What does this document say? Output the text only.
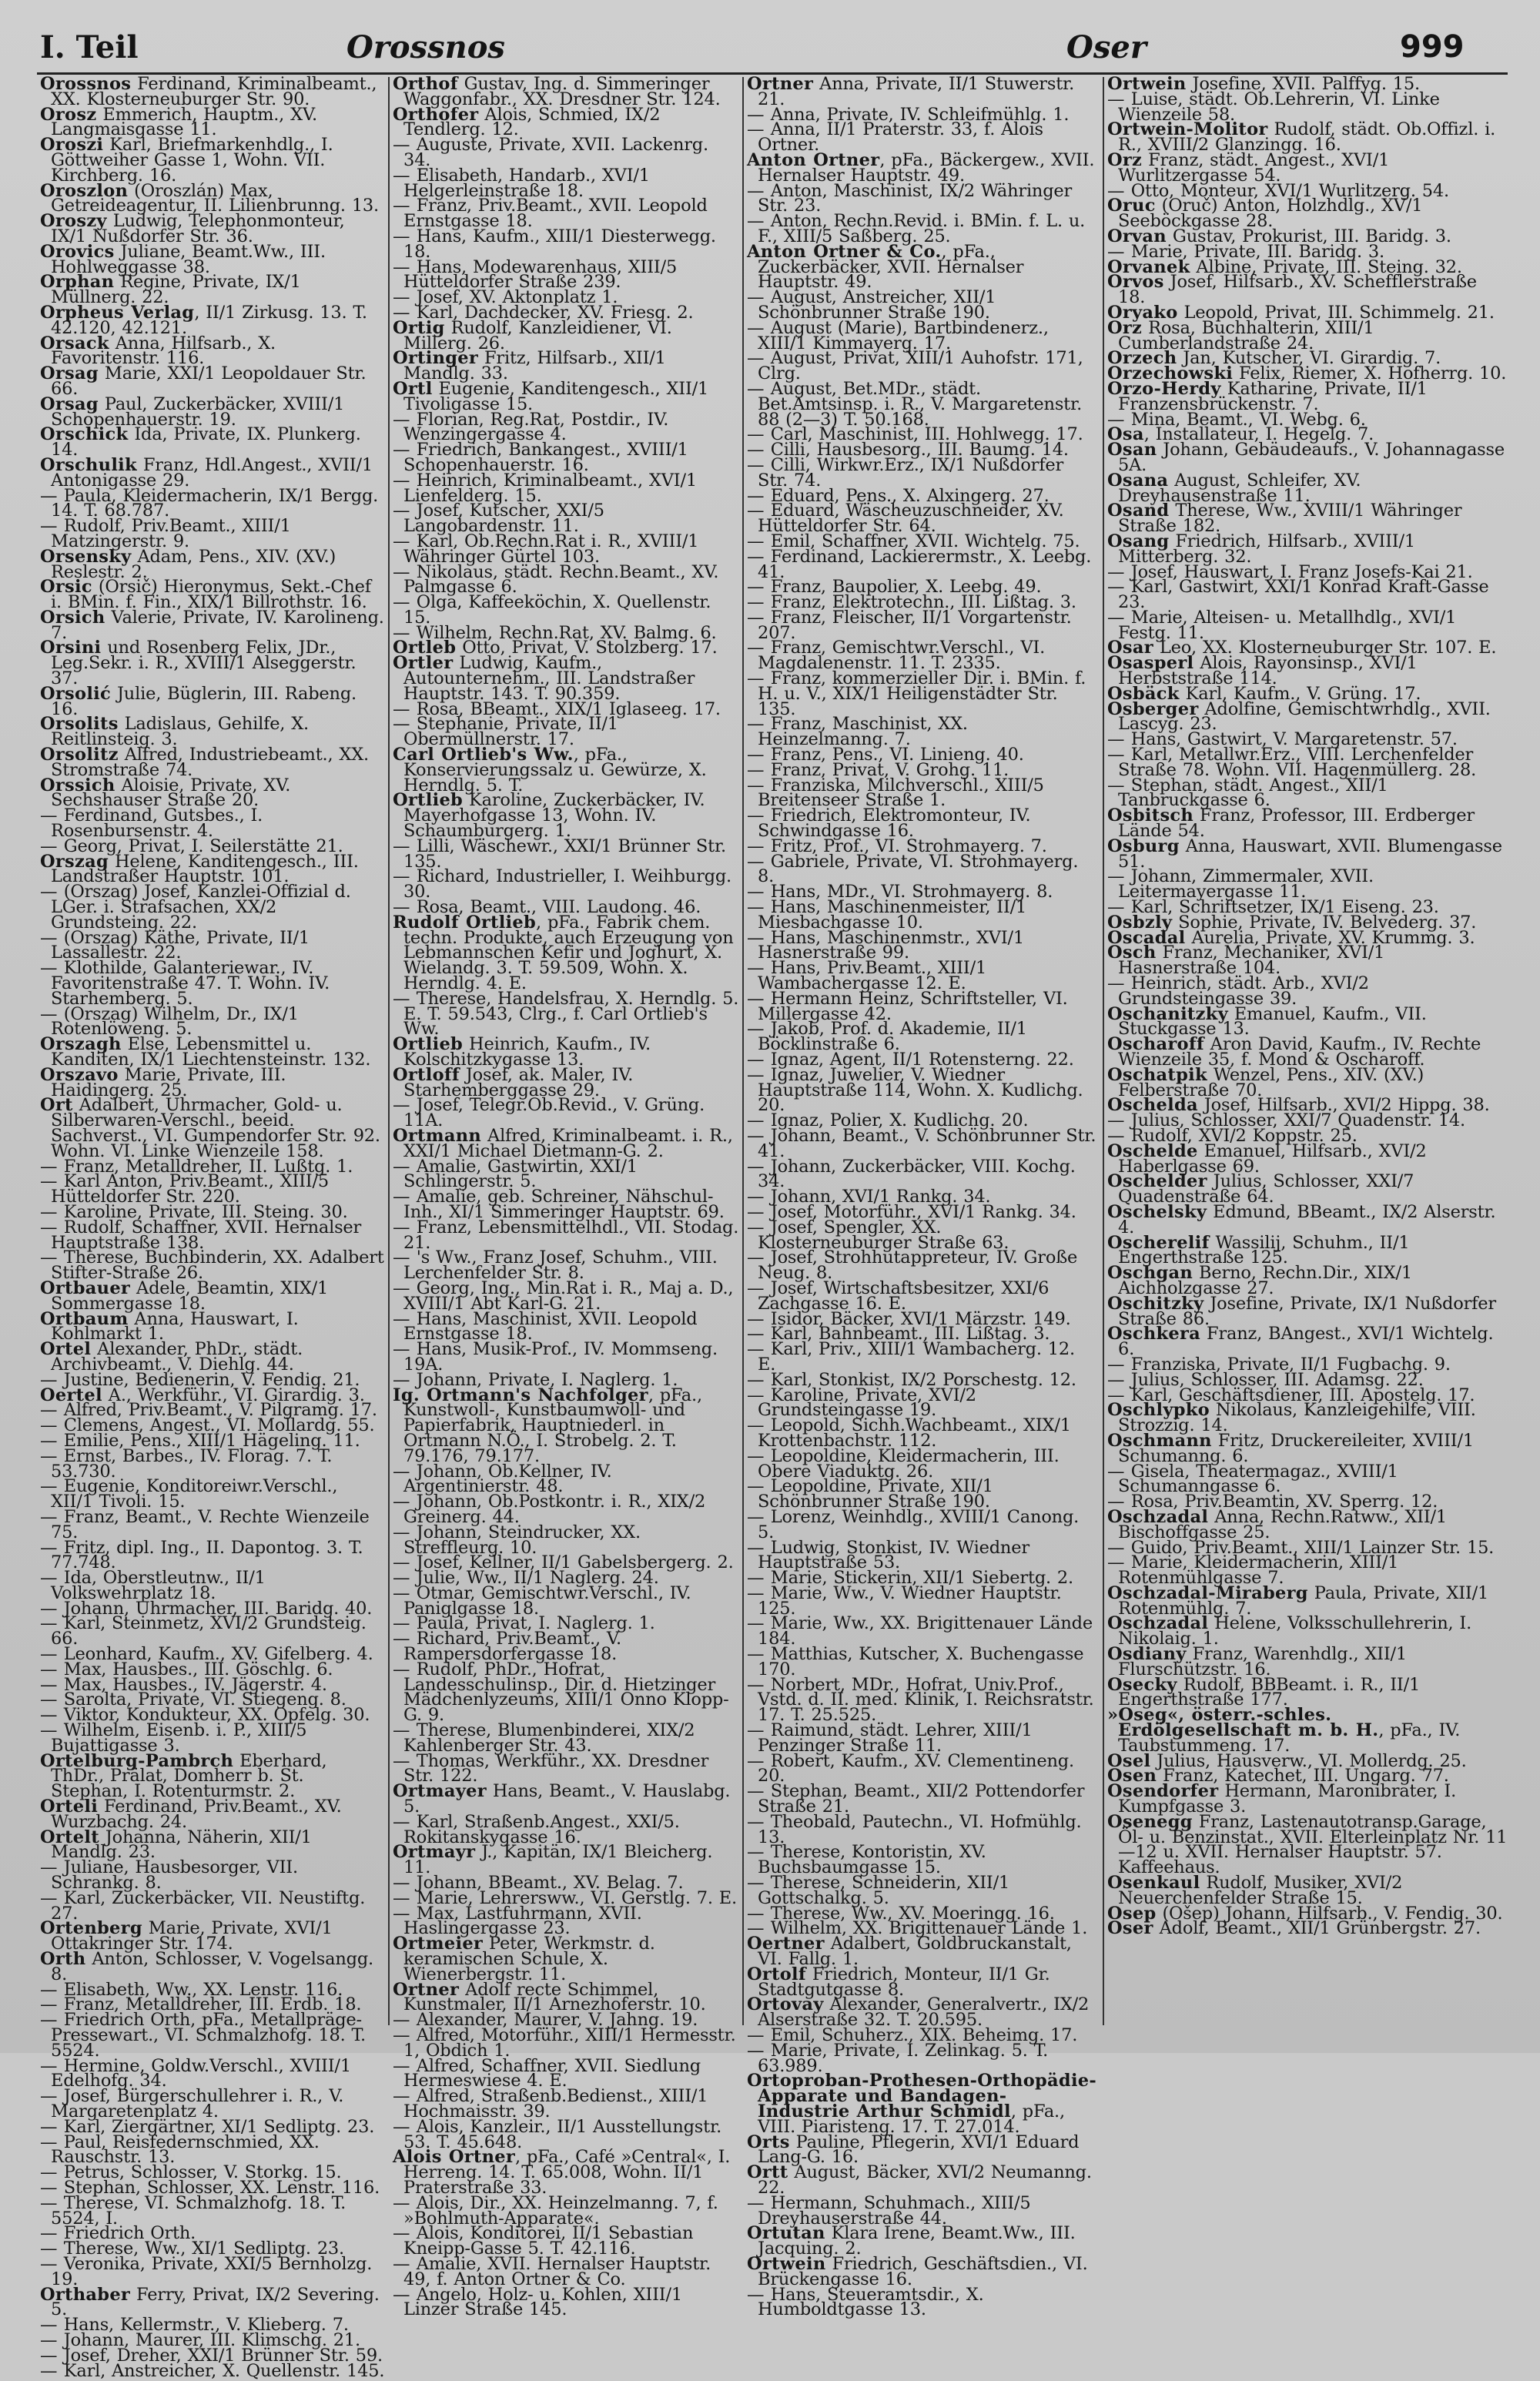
I. Teil	Orossnos	Oser	999

Orossnos Ferdinand, Kriminalbeamt., XX. Klosterneuburger Str. 90.

Orosz Emmerich, Hauptm., XV. Langmaisgasse 11.

Oroszi Karl, Briefmarkenhdlg., I. Göttweiher Gasse 1, Wohn. VII. Kirchberg. 16.

Oroszlon (Oroszlán) Max, Getreideagentur, II. Lilienbrunng. 13.

Oroszy Ludwig, Telephonmonteur, IX/1 Nußdorfer Str. 36.

Orovics Juliane, Beamt.Ww., III. Hohlweggasse 38.

Orphan Regine, Private, IX/1 Müllnerg. 22.

Orpheus Verlag, II/1 Zirkusg. 13. T. 42.120, 42.121.

Orsack Anna, Hilfsarb., X. Favoritenstr. 116.

Orsag Marie, XXI/1 Leopoldauer Str. 66.

Orsag Paul, Zuckerbäcker, XVIII/1 Schopenhauerstr. 19.

Orschick Ida, Private, IX. Plunkerg. 14.

Orschulik Franz, Hdl.Angest., XVII/1 Antonigasse 29.

— Paula, Kleidermacherin, IX/1 Bergg. 14. T. 68.787.

— Rudolf, Priv.Beamt., XIII/1 Matzingerstr. 9.

Orsensky Adam, Pens., XIV. (XV.) Reslestr. 2.

Orsic (Orsič) Hieronymus, Sekt.-Chef i. BMin. f. Fin., XIX/1 Billrothstr. 16.

Orsich Valerie, Private, IV. Karolineng. 7.

Orsini und Rosenberg Felix, JDr., Leg.Sekr. i. R., XVIII/1 Alseggerstr. 37.

Orsolić Julie, Büglerin, III. Rabeng. 16.

Orsolits Ladislaus, Gehilfe, X. Reitlinsteig. 3.

Orsolitz Alfred, Industriebeamt., XX. Stromstraße 74.

Orssich Aloisie, Private, XV. Sechshauser Straße 20.

— Ferdinand, Gutsbes., I. Rosenbursenstr. 4.

— Georg, Privat, I. Seilerstätte 21.

Orszag Helene, Kanditengesch., III. Landstraßer Hauptstr. 101.

— (Orszag) Josef, Kanzlei-Offizial d. LGer. i. Strafsachen, XX/2 Grundsteing. 22.

— (Orszag) Käthe, Private, II/1 Lassallestr. 22.

— Klothilde, Galanteriewar., IV. Favoritenstraße 47. T. Wohn. IV. Starhemberg. 5.

— (Orszag) Wilhelm, Dr., IX/1 Rotenlöweng. 5.

Orszagh Else, Lebensmittel u. Kanditen, IX/1 Liechtensteinstr. 132.

Orszavo Marie, Private, III. Haidingerg. 25.

Ort Adalbert, Uhrmacher, Gold- u. Silberwaren-Verschl., beeid. Sachverst., VI. Gumpendorfer Str. 92. Wohn. VI. Linke Wienzeile 158.

— Franz, Metalldreher, II. Lußtg. 1.

— Karl Anton, Priv.Beamt., XIII/5 Hütteldorfer Str. 220.

— Karoline, Private, III. Steing. 30.

— Rudolf, Schaffner, XVII. Hernalser Hauptstraße 138.

— Therese, Buchbinderin, XX. Adalbert Stifter-Straße 26.

Ortbauer Adele, Beamtin, XIX/1 Sommergasse 18.

Ortbaum Anna, Hauswart, I. Kohlmarkt 1.

Ortel Alexander, PhDr., städt. Archivbeamt., V. Diehlg. 44.

— Justine, Bedienerin, V. Fendig. 21.

Oertel A., Werkführ., VI. Girardig. 3.

— Alfred, Priv.Beamt., V. Pilgramg. 17.

— Clemens, Angest., VI. Mollardg. 55.

— Emilie, Pens., XIII/1 Hägeling. 11.

— Ernst, Barbes., IV. Florag. 7. T. 53.730.

— Eugenie, Konditoreiwr.Verschl., XII/1 Tivoli. 15.

— Franz, Beamt., V. Rechte Wienzeile 75.

— Fritz, dipl. Ing., II. Dapontog. 3. T. 77.748.

— Ida, Oberstleutnw., II/1 Volkswehrplatz 18.

— Johann, Uhrmacher, III. Baridg. 40.

— Karl, Steinmetz, XVI/2 Grundsteig. 66.

— Leonhard, Kaufm., XV. Gifelberg. 4.

— Max, Hausbes., III. Göschlg. 6.

— Max, Hausbes., IV. Jägerstr. 4.

— Sarolta, Private, VI. Stiegeng. 8.

— Viktor, Kondukteur, XX. Opfelg. 30.

— Wilhelm, Eisenb. i. P., XIII/5 Bujattigasse 3.

Ortelburg-Pambrch Eberhard, ThDr., Prälat, Domherr b. St. Stephan, I. Rotenturmstr. 2.

Orteli Ferdinand, Priv.Beamt., XV. Wurzbachg. 24.

Ortelt Johanna, Näherin, XII/1 Mandlg. 23.

— Juliane, Hausbesorger, VII. Schrankg. 8.

— Karl, Zuckerbäcker, VII. Neustiftg. 27.

Ortenberg Marie, Private, XVI/1 Ottakringer Str. 174.

Orth Anton, Schlosser, V. Vogelsangg. 8.

— Elisabeth, Ww., XX. Lenstr. 116.

— Franz, Metalldreher, III. Erdb. 18.

— Friedrich Orth, pFa., Metallpräge-Pressewart., VI. Schmalzhofg. 18. T. 5524.

— Hermine, Goldw.Verschl., XVIII/1 Edelhofg. 34.

— Josef, Bürgerschullehrer i. R., V. Margaretenplatz 4.

— Karl, Ziergärtner, XI/1 Sedliptg. 23.

— Paul, Reisfedernschmied, XX. Rauschstr. 13.

— Petrus, Schlosser, V. Storkg. 15.

— Stephan, Schlosser, XX. Lenstr. 116.

— Therese, VI. Schmalzhofg. 18. T. 5524, I.

— Friedrich Orth.

— Therese, Ww., XI/1 Sedliptg. 23.

— Veronika, Private, XXI/5 Bernholzg. 19.

Orthaber Ferry, Privat, IX/2 Severing. 5.

— Hans, Kellermstr., V. Klieberg. 7.

— Johann, Maurer, III. Klimschg. 21.

— Josef, Dreher, XXI/1 Brünner Str. 59.

— Karl, Anstreicher, X. Quellenstr. 145.

Orthof Gustav, Ing. d. Simmeringer Waggonfabr., XX. Dresdner Str. 124.

Orthofer Alois, Schmied, IX/2 Tendlerg. 12.

— Auguste, Private, XVII. Lackenrg. 34.

— Elisabeth, Handarb., XVI/1 Helgerleinstraße 18.

— Franz, Priv.Beamt., XVII. Leopold Ernstgasse 18.

— Hans, Kaufm., XIII/1 Diesterwegg. 18.

— Hans, Modewarenhaus, XIII/5 Hütteldorfer Straße 239.

— Josef, XV. Aktonplatz 1.

— Karl, Dachdecker, XV. Friesg. 2.

Ortig Rudolf, Kanzleidiener, VI. Millerg. 26.

Ortinger Fritz, Hilfsarb., XII/1 Mandlg. 33.

Ortl Eugenie, Kanditengesch., XII/1 Tivoligasse 15.

— Florian, Reg.Rat, Postdir., IV. Wenzingergasse 4.

— Friedrich, Bankangest., XVIII/1 Schopenhauerstr. 16.

— Heinrich, Kriminalbeamt., XVI/1 Lienfelderg. 15.

— Josef, Kutscher, XXI/5 Langobardenstr. 11.

— Karl, Ob.Rechn.Rat i. R., XVIII/1 Währinger Gürtel 103.

— Nikolaus, städt. Rechn.Beamt., XV. Palmgasse 6.

— Olga, Kaffeeköchin, X. Quellenstr. 15.

— Wilhelm, Rechn.Rat, XV. Balmg. 6.

Ortleb Otto, Privat, V. Stolzberg. 17.

Ortler Ludwig, Kaufm., Autounternehm., III. Landstraßer Hauptstr. 143. T. 90.359.

— Rosa, BBeamt., XIX/1 Iglaseeg. 17.

— Stephanie, Private, II/1 Obermüllnerstr. 17.

Carl Ortlieb's Ww., pFa., Konservierungssalz u. Gewürze, X. Herndlg. 5. T.

Ortlieb Karoline, Zuckerbäcker, IV. Mayerhofgasse 13, Wohn. IV. Schaumburgerg. 1.

— Lilli, Wäschewr., XXI/1 Brünner Str. 135.

— Richard, Industrieller, I. Weihburgg. 30.

— Rosa, Beamt., VIII. Laudong. 46.

Rudolf Ortlieb, pFa., Fabrik chem. techn. Produkte, auch Erzeugung von Lebmannschen Kefir und Joghurt, X. Wielandg. 3. T. 59.509, Wohn. X. Herndlg. 4. E.

— Therese, Handelsfrau, X. Herndlg. 5. E. T. 59.543, Clrg., f. Carl Ortlieb's Ww.

Ortlieb Heinrich, Kaufm., IV. Kolschitzkygasse 13.

Ortloff Josef, ak. Maler, IV. Starhemberggasse 29.

— Josef, Telegr.Ob.Revid., V. Grüng. 11A.

Ortmann Alfred, Kriminalbeamt. i. R., XXI/1 Michael Dietmann-G. 2.

— Amalie, Gastwirtin, XXI/1 Schlingerstr. 5.

— Amalie, geb. Schreiner, Nähschul-Inh., XI/1 Simmeringer Hauptstr. 69.

— Franz, Lebensmittelhdl., VII. Stodag. 21.

— 's Ww., Franz Josef, Schuhm., VIII. Lerchenfelder Str. 8.

— Georg, Ing., Min.Rat i. R., Maj a. D., XVIII/1 Abt Karl-G. 21.

— Hans, Maschinist, XVII. Leopold Ernstgasse 18.

— Hans, Musik-Prof., IV. Mommseng. 19A.

— Johann, Private, I. Naglerg. 1.

Ig. Ortmann's Nachfolger, pFa., Kunstwoll-, Kunstbaumwoll- und Papierfabrik, Hauptniederl. in Ortmann N.Ö., I. Strobelg. 2. T. 79.176, 79.177.

— Johann, Ob.Kellner, IV. Argentinierstr. 48.

— Johann, Ob.Postkontr. i. R., XIX/2 Greinerg. 44.

— Johann, Steindrucker, XX. Streffleurg. 10.

— Josef, Kellner, II/1 Gabelsbergerg. 2.

— Julie, Ww., II/1 Naglerg. 24.

— Otmar, Gemischtwr.Verschl., IV. Paniglgasse 18.

— Paula, Privat, I. Naglerg. 1.

— Richard, Priv.Beamt., V. Rampersdorfergasse 18.

— Rudolf, PhDr., Hofrat, Landesschulinsp., Dir. d. Hietzinger Mädchenlyzeums, XIII/1 Onno Klopp-G. 9.

— Therese, Blumenbinderei, XIX/2 Kahlenberger Str. 43.

— Thomas, Werkführ., XX. Dresdner Str. 122.

Ortmayer Hans, Beamt., V. Hauslabg. 5.

— Karl, Straßenb.Angest., XXI/5. Rokitanskygasse 16.

Ortmayr J., Kapitän, IX/1 Bleicherg. 11.

— Johann, BBeamt., XV. Belag. 7.

— Marie, Lehrersww., VI. Gerstlg. 7. E.

— Max, Lastfuhrmann, XVII. Haslingergasse 23.

Ortmeier Peter, Werkmstr. d. keramischen Schule, X. Wienerbergstr. 11.

Ortner Adolf recte Schimmel, Kunstmaler, II/1 Arnezhoferstr. 10.

— Alexander, Maurer, V. Jahng. 19.

— Alfred, Motorführ., XIII/1 Hermesstr. 1, Obdich 1.

— Alfred, Schaffner, XVII. Siedlung Hermeswiese 4. E.

— Alfred, Straßenb.Bedienst., XIII/1 Hochmaisstr. 39.

— Alois, Kanzleir., II/1 Ausstellungstr. 53. T. 45.648.

Alois Ortner, pFa., Café »Central«, I. Herreng. 14. T. 65.008, Wohn. II/1 Praterstraße 33.

— Alois, Dir., XX. Heinzelmanng. 7, f. »Bohlmuth-Apparate«.

— Alois, Konditorei, II/1 Sebastian Kneipp-Gasse 5. T. 42.116.

— Amalie, XVII. Hernalser Hauptstr. 49, f. Anton Ortner & Co.

— Angelo, Holz- u. Kohlen, XIII/1 Linzer Straße 145.

Ortner Anna, Private, II/1 Stuwerstr. 21.

— Anna, Private, IV. Schleifmühlg. 1.

— Anna, II/1 Praterstr. 33, f. Alois Ortner.

Anton Ortner, pFa., Bäckergew., XVII. Hernalser Hauptstr. 49.

— Anton, Maschinist, IX/2 Währinger Str. 23.

— Anton, Rechn.Revid. i. BMin. f. L. u. F., XIII/5 Saßberg. 25.

Anton Ortner & Co., pFa., Zuckerbäcker, XVII. Hernalser Hauptstr. 49.

— August, Anstreicher, XII/1 Schönbrunner Straße 190.

— August (Marie), Bartbindenerz., XIII/1 Kimmayerg. 17.

— August, Privat, XIII/1 Auhofstr. 171, Clrg.

— August, Bet.MDr., städt. Bet.Amtsinsp. i. R., V. Margaretenstr. 88 (2—3) T. 50.168.

— Carl, Maschinist, III. Hohlwegg. 17.

— Cilli, Hausbesorg., III. Baumg. 14.

— Cilli, Wirkwr.Erz., IX/1 Nußdorfer Str. 74.

— Eduard, Pens., X. Alxingerg. 27.

— Eduard, Wäscheuzuschneider, XV. Hütteldorfer Str. 64.

— Emil, Schaffner, XVII. Wichtelg. 75.

— Ferdinand, Lackierermstr., X. Leebg. 41.

— Franz, Baupolier, X. Leebg. 49.

— Franz, Elektrotechn., III. Lißtag. 3.

— Franz, Fleischer, II/1 Vorgartenstr. 207.

— Franz, Gemischtwr.Verschl., VI. Magdalenenstr. 11. T. 2335.

— Franz, kommerzieller Dir. i. BMin. f. H. u. V., XIX/1 Heiligenstädter Str. 135.

— Franz, Maschinist, XX. Heinzelmanng. 7.

— Franz, Pens., VI. Linieng. 40.

— Franz, Privat, V. Grohg. 11.

— Franziska, Milchverschl., XIII/5 Breitenseer Straße 1.

— Friedrich, Elektromonteur, IV. Schwindgasse 16.

— Fritz, Prof., VI. Strohmayerg. 7.

— Gabriele, Private, VI. Strohmayerg. 8.

— Hans, MDr., VI. Strohmayerg. 8.

— Hans, Maschinenmeister, II/1 Miesbachgasse 10.

— Hans, Maschinenmstr., XVI/1 Hasnerstraße 99.

— Hans, Priv.Beamt., XIII/1 Wambachergasse 12. E.

— Hermann Heinz, Schriftsteller, VI. Millergasse 42.

— Jakob, Prof. d. Akademie, II/1 Böcklinstraße 6.

— Ignaz, Agent, II/1 Rotensterng. 22.

— Ignaz, Juwelier, V. Wiedner Hauptstraße 114, Wohn. X. Kudlichg. 20.

— Ignaz, Polier, X. Kudlichg. 20.

— Johann, Beamt., V. Schönbrunner Str. 41.

— Johann, Zuckerbäcker, VIII. Kochg. 34.

— Johann, XVI/1 Rankg. 34.

— Josef, Motorführ., XVI/1 Rankg. 34.

— Josef, Spengler, XX. Klosterneuburger Straße 63.

— Josef, Strohhutappreteur, IV. Große Neug. 8.

— Josef, Wirtschaftsbesitzer, XXI/6 Zachgasse 16. E.

— Isidor, Bäcker, XVI/1 Märzstr. 149.

— Karl, Bahnbeamt., III. Lißtag. 3.

— Karl, Priv., XIII/1 Wambacherg. 12. E.

— Karl, Stonkist, IX/2 Porschestg. 12.

— Karoline, Private, XVI/2 Grundsteingasse 19.

— Leopold, Sichh.Wachbeamt., XIX/1 Krottenbachstr. 112.

— Leopoldine, Kleidermacherin, III. Obere Viaduktg. 26.

— Leopoldine, Private, XII/1 Schönbrunner Straße 190.

— Lorenz, Weinhdlg., XVIII/1 Canong. 5.

— Ludwig, Stonkist, IV. Wiedner Hauptstraße 53.

— Marie, Stickerin, XII/1 Siebertg. 2.

— Marie, Ww., V. Wiedner Hauptstr. 125.

— Marie, Ww., XX. Brigittenauer Lände 184.

— Matthias, Kutscher, X. Buchengasse 170.

— Norbert, MDr., Hofrat, Univ.Prof., Vstd. d. II. med. Klinik, I. Reichsratstr. 17. T. 25.525.

— Raimund, städt. Lehrer, XIII/1 Penzinger Straße 11.

— Robert, Kaufm., XV. Clementineng. 20.

— Stephan, Beamt., XII/2 Pottendorfer Straße 21.

— Theobald, Pautechn., VI. Hofmühlg. 13.

— Therese, Kontoristin, XV. Buchsbaumgasse 15.

— Therese, Schneiderin, XII/1 Gottschalkg. 5.

— Therese, Ww., XV. Moeringg. 16.

— Wilhelm, XX. Brigittenauer Lände 1.

Oertner Adalbert, Goldbruckanstalt, VI. Fallg. 1.

Ortolf Friedrich, Monteur, II/1 Gr. Stadtgutgasse 8.

Ortovay Alexander, Generalvertr., IX/2 Alserstraße 32. T. 20.595.

— Emil, Schuherz., XIX. Beheimg. 17.

— Marie, Private, I. Zelinkag. 5. T. 63.989.

Ortoproban-Prothesen-Orthopädie-Apparate und Bandagen-Industrie Arthur Schmidl, pFa., VIII. Piaristeng. 17. T. 27.014.

Orts Pauline, Pflegerin, XVI/1 Eduard Lang-G. 16.

Ortt August, Bäcker, XVI/2 Neumanng. 22.

— Hermann, Schuhmach., XIII/5 Dreyhauserstraße 44.

Ortutan Klara Irene, Beamt.Ww., III. Jacquing. 2.

Ortwein Friedrich, Geschäftsdien., VI. Brückengasse 16.

— Hans, Steueramtsdir., X. Humboldtgasse 13.

Ortwein Josefine, XVII. Palffyg. 15.

— Luise, städt. Ob.Lehrerin, VI. Linke Wienzeile 58.

Ortwein-Molitor Rudolf, städt. Ob.Offizl. i. R., XVIII/2 Glanzingg. 16.

Orz Franz, städt. Angest., XVI/1 Wurlitzergasse 54.

— Otto, Monteur, XVI/1 Wurlitzerg. 54.

Oruc (Oruč) Anton, Holzhdlg., XV/1 Seeböckgasse 28.

Orvan Gustav, Prokurist, III. Baridg. 3.

— Marie, Private, III. Baridg. 3.

Orvanek Albine, Private, III. Steing. 32.

Orvos Josef, Hilfsarb., XV. Schefflerstraße 18.

Oryako Leopold, Privat, III. Schimmelg. 21.

Orz Rosa, Buchhalterin, XIII/1 Cumberlandstraße 24.

Orzech Jan, Kutscher, VI. Girardig. 7.

Orzechowski Felix, Riemer, X. Hofherrg. 10.

Orzo-Herdy Katharine, Private, II/1 Franzensbrückenstr. 7.

— Mina, Beamt., VI. Webg. 6.

Osa, Installateur, I. Hegelg. 7.

Osan Johann, Gebäudeaufs., V. Johannagasse 5A.

Osana August, Schleifer, XV. Dreyhausenstraße 11.

Osand Therese, Ww., XVIII/1 Währinger Straße 182.

Osang Friedrich, Hilfsarb., XVIII/1 Mitterberg. 32.

— Josef, Hauswart, I. Franz Josefs-Kai 21.

— Karl, Gastwirt, XXI/1 Konrad Kraft-Gasse 23.

— Marie, Alteisen- u. Metallhdlg., XVI/1 Festg. 11.

Osar Leo, XX. Klosterneuburger Str. 107. E.

Osasperl Alois, Rayonsinsp., XVI/1 Herbststraße 114.

Osbäck Karl, Kaufm., V. Grüng. 17.

Osberger Adolfine, Gemischtwrhdlg., XVII. Lascyg. 23.

— Hans, Gastwirt, V. Margaretenstr. 57.

— Karl, Metallwr.Erz., VIII. Lerchenfelder Straße 78. Wohn. VII. Hagenmüllerg. 28.

— Stephan, städt. Angest., XII/1 Tanbruckgasse 6.

Osbitsch Franz, Professor, III. Erdberger Lände 54.

Osburg Anna, Hauswart, XVII. Blumengasse 51.

— Johann, Zimmermaler, XVII. Leitermayergasse 11.

— Karl, Schriftsetzer, IX/1 Eiseng. 23.

Osbzly Sophie, Private, IV. Belvederg. 37.

Oscadal Aurelia, Private, XV. Krummg. 3.

Osch Franz, Mechaniker, XVI/1 Hasnerstraße 104.

— Heinrich, städt. Arb., XVI/2 Grundsteingasse 39.

Oschanitzky Emanuel, Kaufm., VII. Stuckgasse 13.

Oscharoff Aron David, Kaufm., IV. Rechte Wienzeile 35, f. Mond & Oscharoff.

Oschatpik Wenzel, Pens., XIV. (XV.) Felberstraße 70.

Oschelda Josef, Hilfsarb., XVI/2 Hippg. 38.

— Julius, Schlosser, XXI/7 Quadenstr. 14.

— Rudolf, XVI/2 Koppstr. 25.

Oschelde Emanuel, Hilfsarb., XVI/2 Haberlgasse 69.

Oschelder Julius, Schlosser, XXI/7 Quadenstraße 64.

Oschelsky Edmund, BBeamt., IX/2 Alserstr. 4.

Oscherelif Wassilij, Schuhm., II/1 Engerthstraße 125.

Oschgan Berno, Rechn.Dir., XIX/1 Aichholzgasse 27.

Oschitzky Josefine, Private, IX/1 Nußdorfer Straße 86.

Oschkera Franz, BAngest., XVI/1 Wichtelg. 6.

— Franziska, Private, II/1 Fugbachg. 9.

— Julius, Schlosser, III. Adamsg. 22.

— Karl, Geschäftsdiener, III. Apostelg. 17.

Oschlypko Nikolaus, Kanzleigehilfe, VIII. Strozzig. 14.

Oschmann Fritz, Druckereileiter, XVIII/1 Schumanng. 6.

— Gisela, Theatermagaz., XVIII/1 Schumanngasse 6.

— Rosa, Priv.Beamtin, XV. Sperrg. 12.

Oschzadal Anna, Rechn.Ratww., XII/1 Bischoffgasse 25.

— Guido, Priv.Beamt., XIII/1 Lainzer Str. 15.

— Marie, Kleidermacherin, XIII/1 Rotenmühlgasse 7.

Oschzadal-Miraberg Paula, Private, XII/1 Rotenmühlg. 7.

Oschzadal Helene, Volksschullehrerin, I. Nikolaig. 1.

Osdiany Franz, Warenhdlg., XII/1 Flurschützstr. 16.

Osecky Rudolf, BBBeamt. i. R., II/1 Engerthstraße 177.

»Oseg«, österr.-schles. Erdölgesellschaft m. b. H., pFa., IV. Taubstummeng. 17.

Osel Julius, Hausverw., VI. Mollerdg. 25.

Osen Franz, Katechet, III. Ungarg. 77.

Osendorfer Hermann, Maronibrater, I. Kumpfgasse 3.

Osenegg Franz, Lastenautotransp.Garage, Öl- u. Benzinstat., XVII. Elterleinplatz Nr. 11—12 u. XVII. Hernalser Hauptstr. 57. Kaffeehaus.

Osenkaul Rudolf, Musiker, XVI/2 Neuerchenfelder Straße 15.

Osep (Ošep) Johann, Hilfsarb., V. Fendig. 30.

Oser Adolf, Beamt., XII/1 Grünbergstr. 27.
